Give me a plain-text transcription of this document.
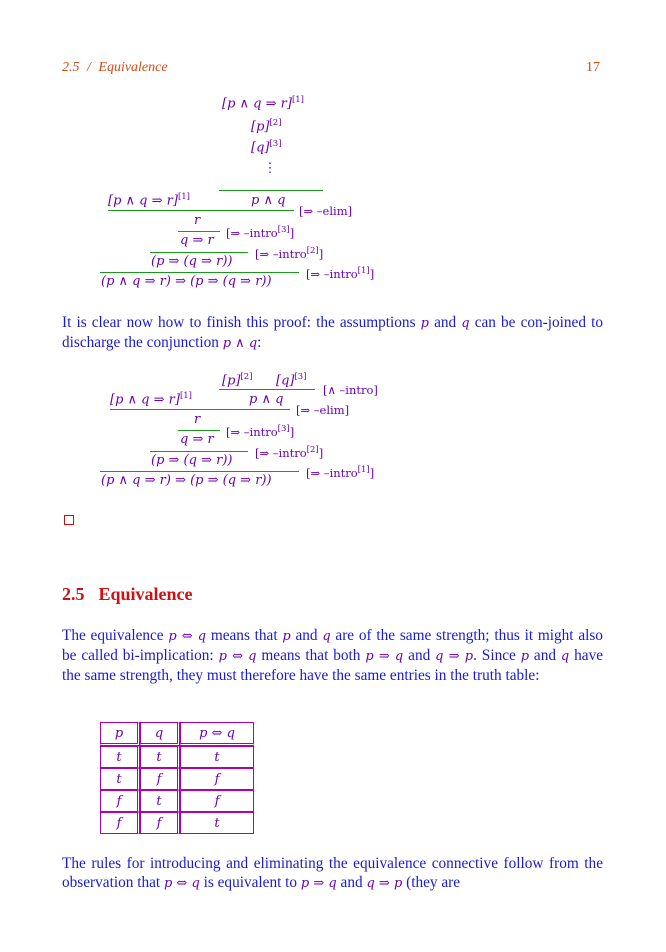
2.5 / Equivalence	17
[p ∧ q ⇒ r][1]
[p][2]
[q][3]
⋮
[p ∧ q ⇒ r][1]	p ∧ q
[⇒ –elim]
r
[⇒ –intro[3]]
q ⇒ r
[⇒ –intro[2]]
(p ⇒ (q ⇒ r))
[⇒ –intro[1]]
(p ∧ q ⇒ r) ⇒ (p ⇒ (q ⇒ r))
It is clear now how to finish this proof: the assumptions p and q can be con-joined to discharge the conjunction p ∧ q:
[p][2] [q][3]
[∧ –intro]
[p ∧ q ⇒ r][1]	p ∧ q
[⇒ –elim]
r
[⇒ –intro[3]]
q ⇒ r
[⇒ –intro[2]]
(p ⇒ (q ⇒ r))
[⇒ –intro[1]]
(p ∧ q ⇒ r) ⇒ (p ⇒ (q ⇒ r))
2.5 Equivalence
The equivalence p ⇔ q means that p and q are of the same strength; thus it might also be called bi-implication: p ⇔ q means that both p ⇒ q and q ⇒ p. Since p and q have the same strength, they must therefore have the same entries in the truth table:
p	q	p ⇔ q
t	t	t
t	f	f
f	t	f
f	f	t
The rules for introducing and eliminating the equivalence connective follow from the observation that p ⇔ q is equivalent to p ⇒ q and q ⇒ p (they are
